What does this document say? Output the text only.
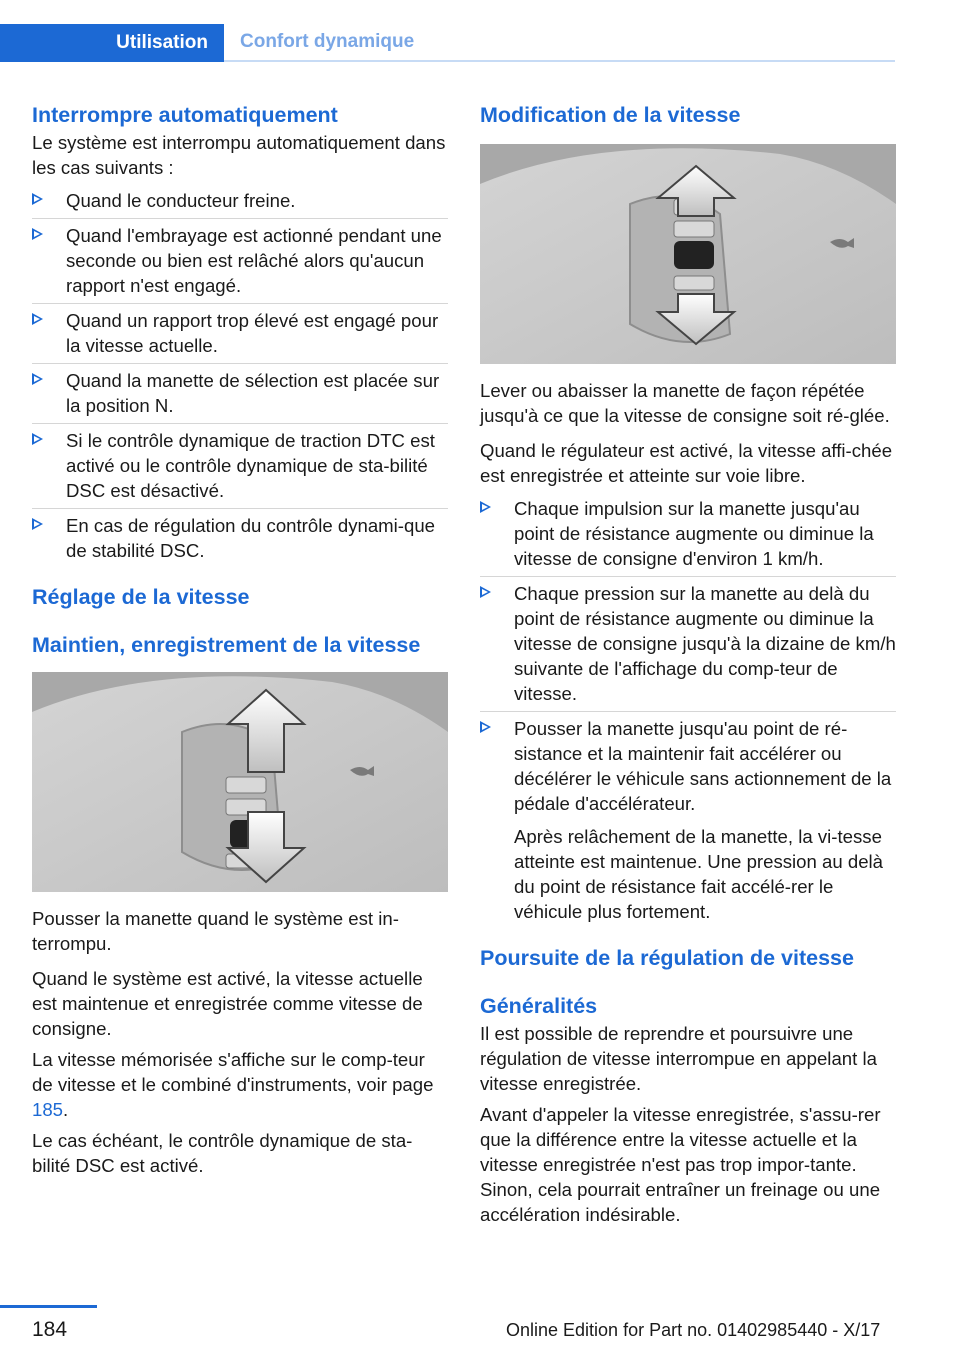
Utilisation	Confort dynamique
Interrompre automatiquement

Le système est interrompu automatiquement dans les cas suivants :

Quand le conducteur freine.
Quand l'embrayage est actionné pendant une seconde ou bien est relâché alors qu'aucun rapport n'est engagé.
Quand un rapport trop élevé est engagé pour la vitesse actuelle.
Quand la manette de sélection est placée sur la position N.
Si le contrôle dynamique de traction DTC est activé ou le contrôle dynamique de sta-bilité DSC est désactivé.
En cas de régulation du contrôle dynami-que de stabilité DSC.
Réglage de la vitesse
Maintien, enregistrement de la vitesse

Pousser la manette quand le système est in-terrompu.

Quand le système est activé, la vitesse actuelle est maintenue et enregistrée comme vitesse de consigne.

La vitesse mémorisée s'affiche sur le comp-teur de vitesse et le combiné d'instruments, voir page 185.

Le cas échéant, le contrôle dynamique de sta-bilité DSC est activé.

Modification de la vitesse

Lever ou abaisser la manette de façon répétée jusqu'à ce que la vitesse de consigne soit ré-glée.

Quand le régulateur est activé, la vitesse affi-chée est enregistrée et atteinte sur voie libre.

Chaque impulsion sur la manette jusqu'au point de résistance augmente ou diminue la vitesse de consigne d'environ 1 km/h.
Chaque pression sur la manette au delà du point de résistance augmente ou diminue la vitesse de consigne jusqu'à la dizaine de km/h suivante de l'affichage du comp-teur de vitesse.
Pousser la manette jusqu'au point de ré-sistance et la maintenir fait accélérer ou décélérer le véhicule sans actionnement de la pédale d'accélérateur.
Après relâchement de la manette, la vi-tesse atteinte est maintenue. Une pression au delà du point de résistance fait accélé-rer le véhicule plus fortement.
Poursuite de la régulation de vitesse
Généralités

Il est possible de reprendre et poursuivre une régulation de vitesse interrompue en appelant la vitesse enregistrée.

Avant d'appeler la vitesse enregistrée, s'assu-rer que la différence entre la vitesse actuelle et la vitesse enregistrée n'est pas trop impor-tante. Sinon, cela pourrait entraîner un freinage ou une accélération indésirable.

184	Online Edition for Part no. 01402985440 - X/17
